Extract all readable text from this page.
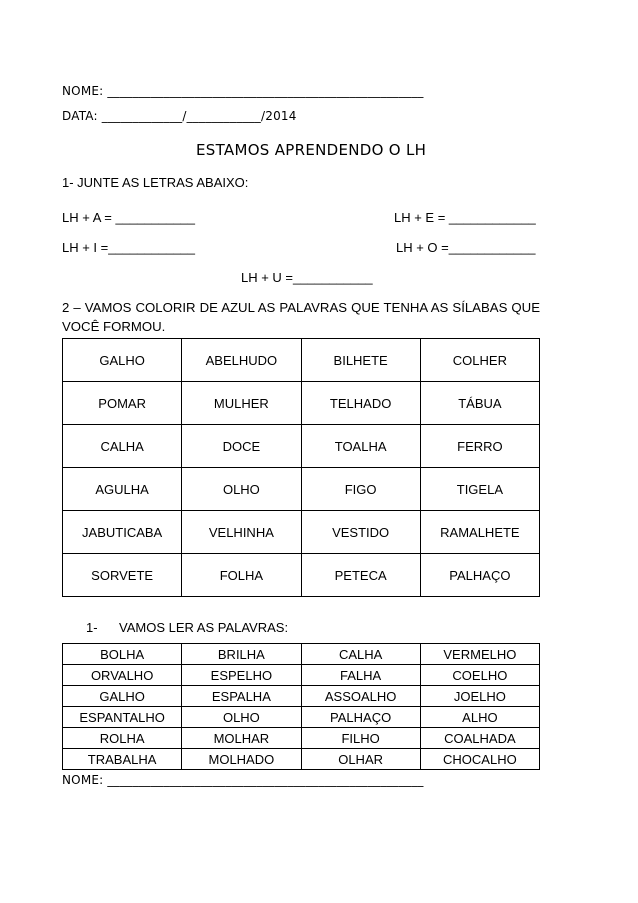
NOME: ___________________________________________________
DATA: _____________/____________/2014
ESTAMOS APRENDENDO O LH
1- JUNTE AS LETRAS ABAIXO:
LH + A = ___________	LH + E = ____________
LH + I =____________	LH + O =____________
LH + U =___________
2 – VAMOS COLORIR DE AZUL AS PALAVRAS QUE TENHA AS SÍLABAS QUE VOCÊ FORMOU.
GALHO	ABELHUDO	BILHETE	COLHER
POMAR	MULHER	TELHADO	TÁBUA
CALHA	DOCE	TOALHA	FERRO
AGULHA	OLHO	FIGO	TIGELA
JABUTICABA	VELHINHA	VESTIDO	RAMALHETE
SORVETE	FOLHA	PETECA	PALHAÇO
1- VAMOS LER AS PALAVRAS:
BOLHA	BRILHA	CALHA	VERMELHO
ORVALHO	ESPELHO	FALHA	COELHO
GALHO	ESPALHA	ASSOALHO	JOELHO
ESPANTALHO	OLHO	PALHAÇO	ALHO
ROLHA	MOLHAR	FILHO	COALHADA
TRABALHA	MOLHADO	OLHAR	CHOCALHO
NOME: ___________________________________________________
